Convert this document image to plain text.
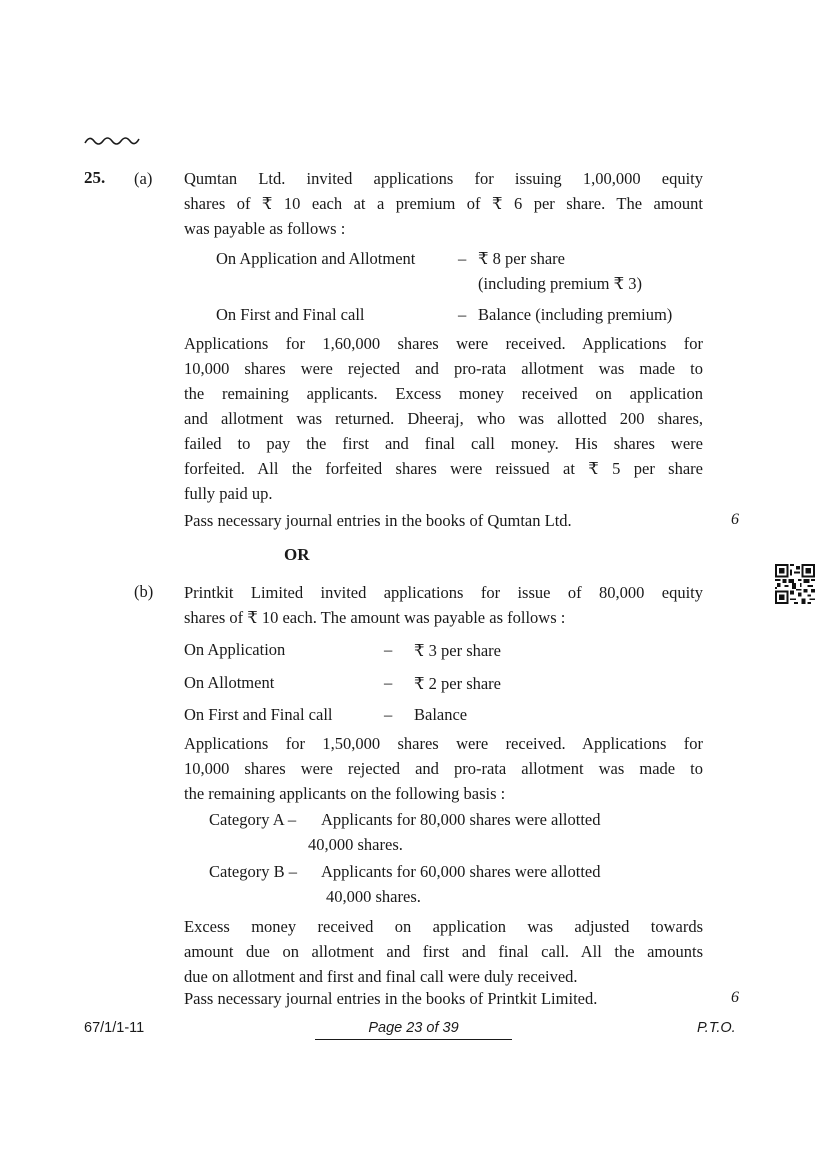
25. (a) Qumtan Ltd. invited applications for issuing 1,00,000 equity
shares of ₹ 10 each at a premium of ₹ 6 per share. The amount
was payable as follows :
On Application and Allotment	– ₹ 8 per share
(including premium ₹ 3)
On First and Final call	– Balance (including premium)
Applications for 1,60,000 shares were received. Applications for
10,000 shares were rejected and pro-rata allotment was made to
the remaining applicants. Excess money received on application
and allotment was returned. Dheeraj, who was allotted 200 shares,
failed to pay the first and final call money. His shares were
forfeited. All the forfeited shares were reissued at ₹ 5 per share
fully paid up.
Pass necessary journal entries in the books of Qumtan Ltd.	6
OR
(b) Printkit Limited invited applications for issue of 80,000 equity
shares of ₹ 10 each. The amount was payable as follows :
On Application	– ₹ 3 per share
On Allotment	– ₹ 2 per share
On First and Final call	– Balance
Applications for 1,50,000 shares were received. Applications for
10,000 shares were rejected and pro-rata allotment was made to
the remaining applicants on the following basis :
Category A – Applicants for 80,000 shares were allotted
40,000 shares.
Category B – Applicants for 60,000 shares were allotted
40,000 shares.
Excess money received on application was adjusted towards
amount due on allotment and first and final call. All the amounts
due on allotment and first and final call were duly received.
Pass necessary journal entries in the books of Printkit Limited.	6
67/1/1-11	Page 23 of 39	P.T.O.
